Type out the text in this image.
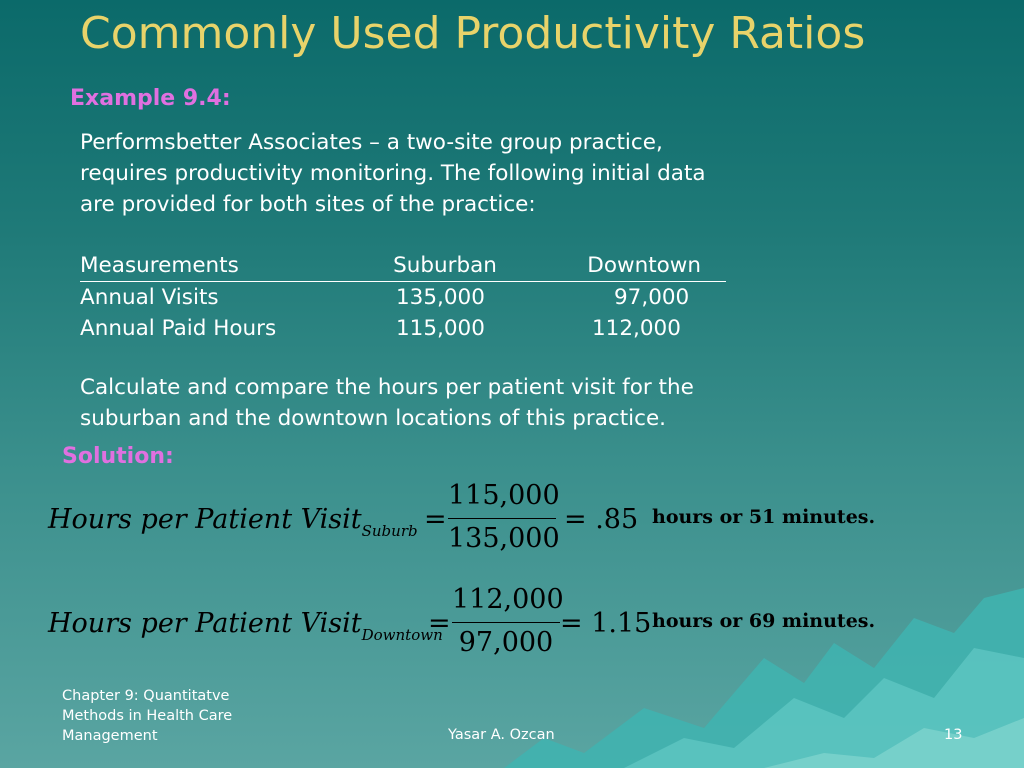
Commonly Used Productivity Ratios
Example 9.4:
Performsbetter Associates – a two-site group practice,
requires productivity monitoring. The following initial data
are provided for both sites of the practice:
Measurements	Suburban	Downtown
Annual Visits	135,000	97,000
Annual Paid Hours	115,000	112,000
Calculate and compare the hours per patient visit for the
suburban and the downtown locations of this practice.
Solution:
Hours per Patient Visit$_{Suburb}$ =
115,000
135,000
= .85 hours or 51 minutes.
Hours per Patient Visit$_{Downtown}$
=
112,000
97,000
= 1.15 hours or 69 minutes.
Chapter 9: Quantitatve
Methods in Health Care
Management	Yasar A. Ozcan	13
